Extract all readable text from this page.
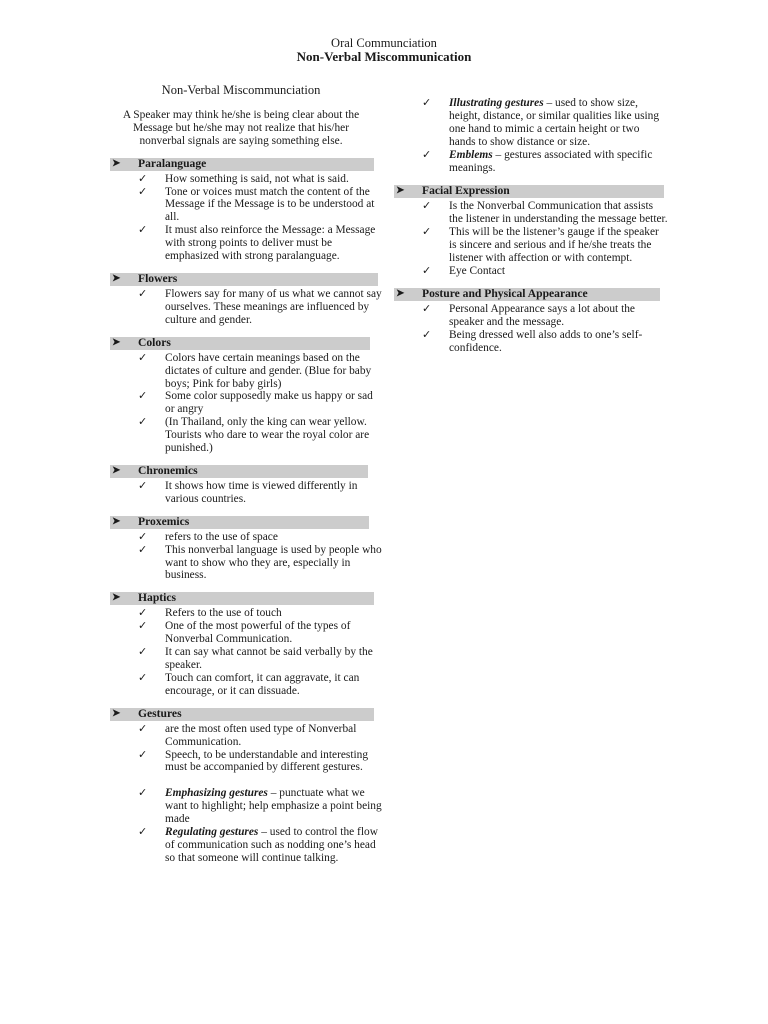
Oral Communciation
Non-Verbal Miscommunication
Non-Verbal Miscommunciation
A Speaker may think he/she is being clear about the Message but he/she may not realize that his/her nonverbal signals are saying something else.
➤	Paralanguage
✓ How something is said, not what is said.
✓ Tone or voices must match the content of the Message if the Message is to be understood at all.
✓ It must also reinforce the Message: a Message with strong points to deliver must be emphasized with strong paralanguage.
➤	Flowers
✓ Flowers say for many of us what we cannot say ourselves. These meanings are influenced by culture and gender.
➤	Colors
✓ Colors have certain meanings based on the dictates of culture and gender. (Blue for baby boys; Pink for baby girls)
✓ Some color supposedly make us happy or sad or angry
✓ (In Thailand, only the king can wear yellow. Tourists who dare to wear the royal color are punished.)
➤	Chronemics
✓ It shows how time is viewed differently in various countries.
➤	Proxemics
✓ refers to the use of space
✓ This nonverbal language is used by people who want to show who they are, especially in business.
➤	Haptics
✓ Refers to the use of touch
✓ One of the most powerful of the types of Nonverbal Communication.
✓ It can say what cannot be said verbally by the speaker.
✓ Touch can comfort, it can aggravate, it can encourage, or it can dissuade.
➤	Gestures
✓ are the most often used type of Nonverbal Communication.
✓ Speech, to be understandable and interesting must be accompanied by different gestures.
✓ Emphasizing gestures – punctuate what we want to highlight; help emphasize a point being made
✓ Regulating gestures – used to control the flow of communication such as nodding one’s head so that someone will continue talking.
✓ Illustrating gestures – used to show size, height, distance, or similar qualities like using one hand to mimic a certain height or two hands to show distance or size.
✓ Emblems – gestures associated with specific meanings.
➤	Facial Expression
✓ Is the Nonverbal Communication that assists the listener in understanding the message better.
✓ This will be the listener’s gauge if the speaker is sincere and serious and if he/she treats the listener with affection or with contempt.
✓ Eye Contact
➤	Posture and Physical Appearance
✓ Personal Appearance says a lot about the speaker and the message.
✓ Being dressed well also adds to one’s self-confidence.
